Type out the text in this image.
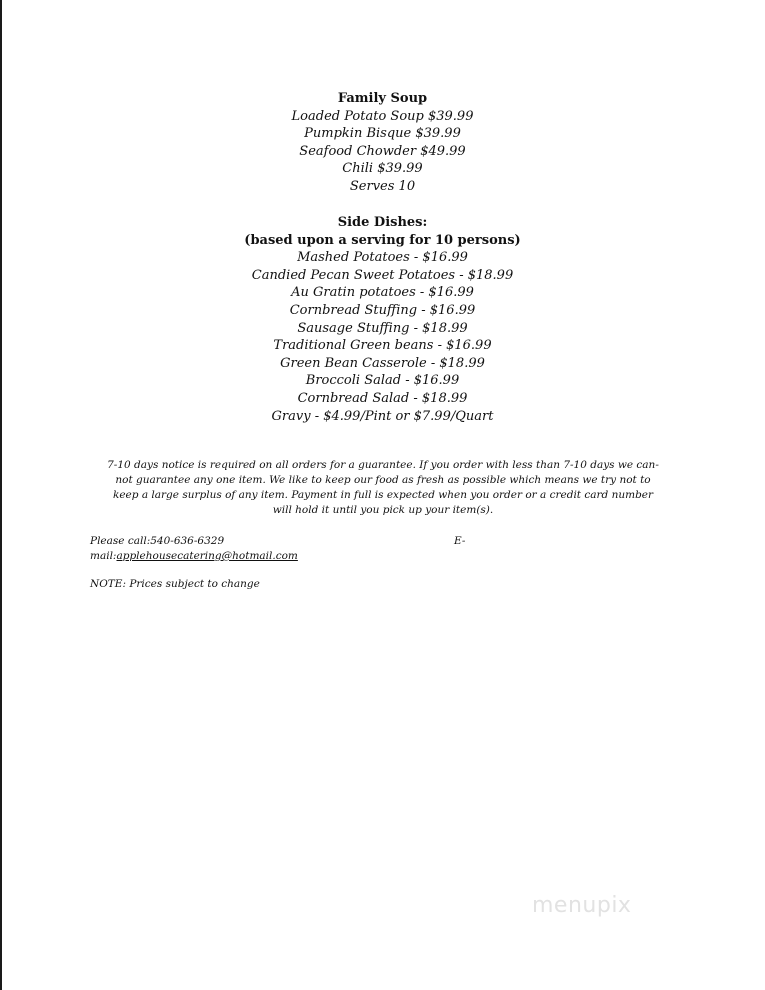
Family Soup
Loaded Potato Soup $39.99
Pumpkin Bisque $39.99
Seafood Chowder $49.99
Chili $39.99
Serves 10
Side Dishes:
(based upon a serving for 10 persons)
Mashed Potatoes - $16.99
Candied Pecan Sweet Potatoes - $18.99
Au Gratin potatoes - $16.99
Cornbread Stuffing - $16.99
Sausage Stuffing - $18.99
Traditional Green beans - $16.99
Green Bean Casserole - $18.99
Broccoli Salad - $16.99
Cornbread Salad - $18.99
Gravy - $4.99/Pint or $7.99/Quart
7-10 days notice is required on all orders for a guarantee. If you order with less than 7-10 days we can-
not guarantee any one item. We like to keep our food as fresh as possible which means we try not to
keep a large surplus of any item. Payment in full is expected when you order or a credit card number
will hold it until you pick up your item(s).
Please call:540-636-6329	E-
mail:applehousecatering@hotmail.com
NOTE: Prices subject to change
menupix
